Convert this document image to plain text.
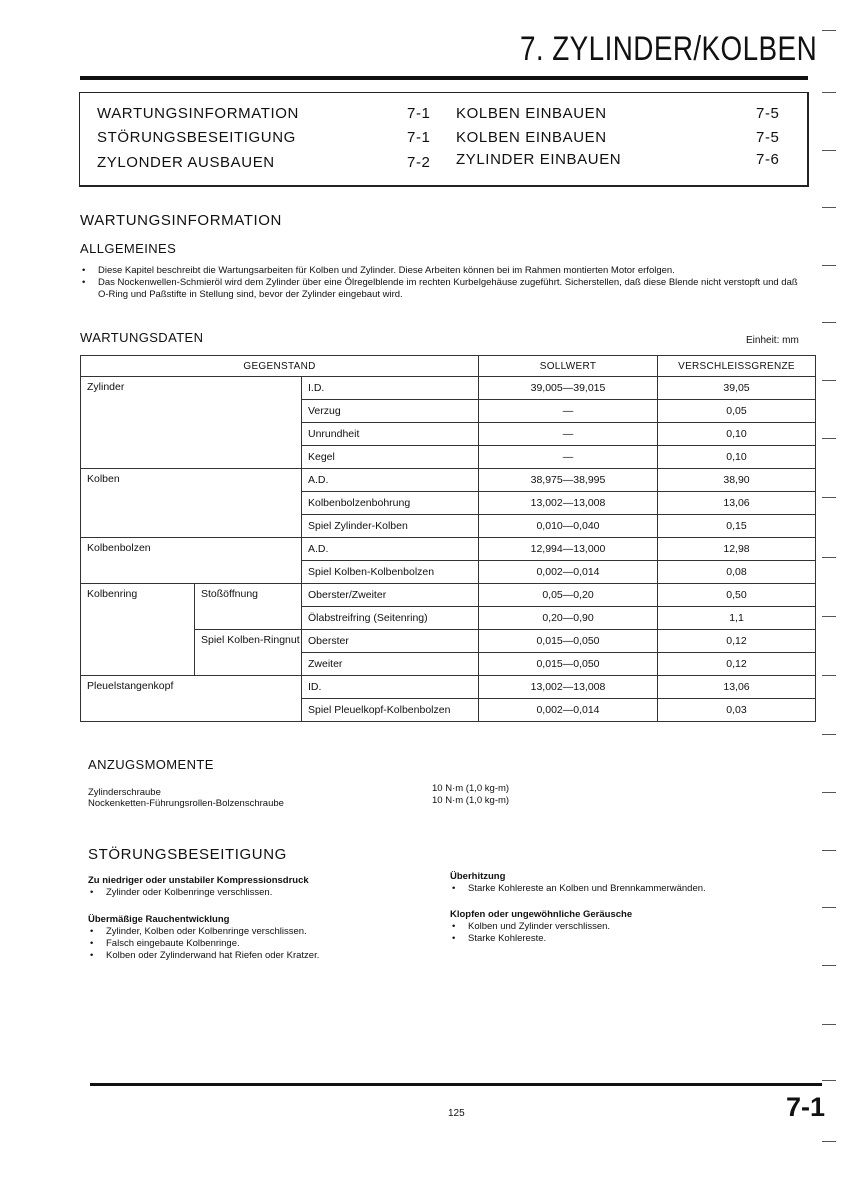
7. ZYLINDER/KOLBEN
WARTUNGSINFORMATION	7-1
STÖRUNGSBESEITIGUNG	7-1
ZYLONDER AUSBAUEN	7-2
KOLBEN EINBAUEN	7-5
KOLBEN EINBAUEN	7-5
ZYLINDER EINBAUEN	7-6
WARTUNGSINFORMATION
ALLGEMEINES
• Diese Kapitel beschreibt die Wartungsarbeiten für Kolben und Zylinder. Diese Arbeiten können bei im Rahmen montierten Motor erfolgen.
• Das Nockenwellen-Schmieröl wird dem Zylinder über eine Ölregelblende im rechten Kurbelgehäuse zugeführt. Sicherstellen, daß diese Blende nicht verstopft und daß O-Ring und Paßstifte in Stellung sind, bevor der Zylinder eingebaut wird.
WARTUNGSDATEN	Einheit: mm
GEGENSTAND			SOLLWERT	VERSCHLEISSGRENZE
Zylinder		I.D.	39,005—39,015	39,05
		Verzug	—	0,05
		Unrundheit	—	0,10
		Kegel	—	0,10
Kolben		A.D.	38,975—38,995	38,90
		Kolbenbolzenbohrung	13,002—13,008	13,06
		Spiel Zylinder-Kolben	0,010—0,040	0,15
Kolbenbolzen		A.D.	12,994—13,000	12,98
		Spiel Kolben-Kolbenbolzen	0,002—0,014	0,08
Kolbenring	Stoßöffnung	Oberster/Zweiter	0,05—0,20	0,50
		Ölabstreifring (Seitenring)	0,20—0,90	1,1
	Spiel Kolben-Ringnut	Oberster	0,015—0,050	0,12
		Zweiter	0,015—0,050	0,12
Pleuelstangenkopf		ID.	13,002—13,008	13,06
		Spiel Pleuelkopf-Kolbenbolzen	0,002—0,014	0,03
ANZUGSMOMENTE
Zylinderschraube	10 N·m (1,0 kg-m)
Nockenketten-Führungsrollen-Bolzenschraube	10 N·m (1,0 kg-m)
STÖRUNGSBESEITIGUNG
Zu niedriger oder unstabiler Kompressionsdruck
• Zylinder oder Kolbenringe verschlissen.
Übermäßige Rauchentwicklung
• Zylinder, Kolben oder Kolbenringe verschlissen.
• Falsch eingebaute Kolbenringe.
• Kolben oder Zylinderwand hat Riefen oder Kratzer.
Überhitzung
• Starke Kohlereste an Kolben und Brennkammerwänden.
Klopfen oder ungewöhnliche Geräusche
• Kolben und Zylinder verschlissen.
• Starke Kohlereste.
125	7-1
